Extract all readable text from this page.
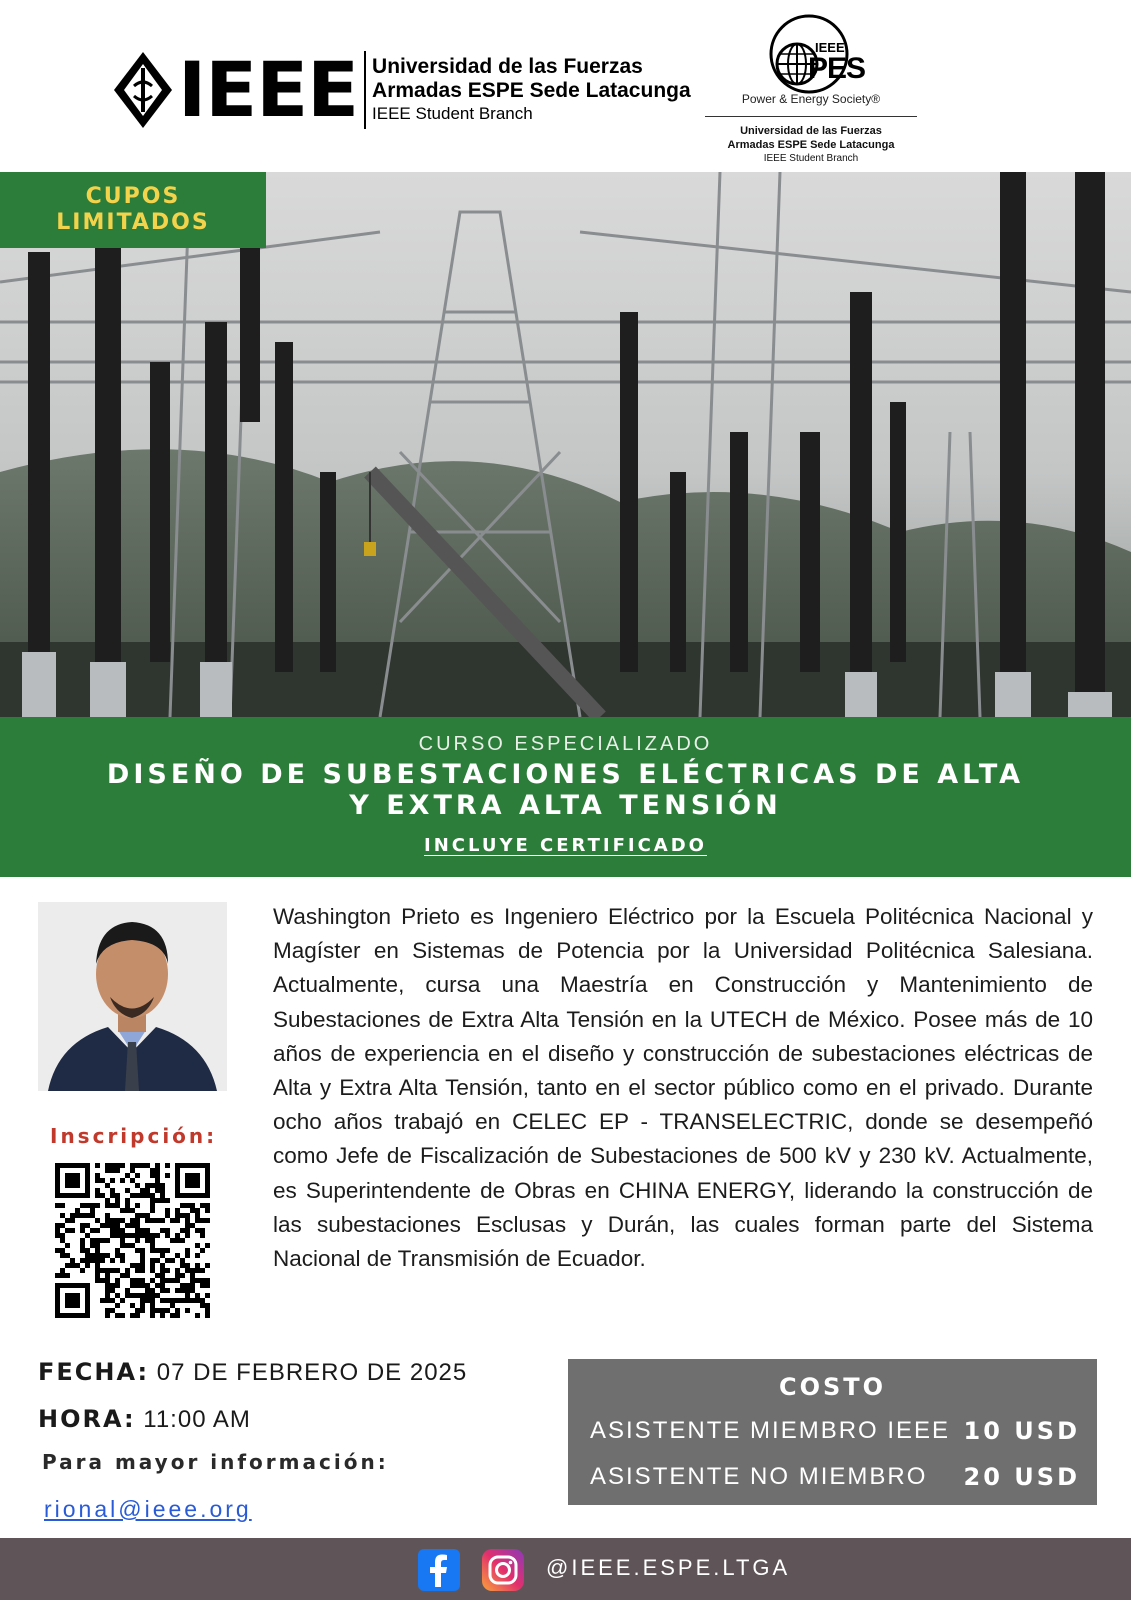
IEEE Universidad de las Fuerzas
Armadas ESPE Sede Latacunga
IEEE Student Branch
IEEE
PES
Power & Energy Society®
Universidad de las Fuerzas
Armadas ESPE Sede Latacunga
IEEE Student Branch
CUPOS
LIMITADOS
CURSO ESPECIALIZADO
DISEÑO DE SUBESTACIONES ELÉCTRICAS DE ALTA
Y EXTRA ALTA TENSIÓN
INCLUYE CERTIFICADO
Washington Prieto es Ingeniero Eléctrico por la Escuela Politécnica Nacional y Magíster en Sistemas de Potencia por la Universidad Politécnica Salesiana. Actualmente, cursa una Maestría en Construcción y Mantenimiento de Subestaciones de Extra Alta Tensión en la UTECH de México. Posee más de 10 años de experiencia en el diseño y construcción de subestaciones eléctricas de Alta y Extra Alta Tensión, tanto en el sector público como en el privado. Durante ocho años trabajó en CELEC EP - TRANSELECTRIC, donde se desempeñó como Jefe de Fiscalización de Subestaciones de 500 kV y 230 kV. Actualmente, es Superintendente de Obras en CHINA ENERGY, liderando la construcción de las subestaciones Esclusas y Durán, las cuales forman parte del Sistema Nacional de Transmisión de Ecuador.
Inscripción:
FECHA: 07 DE FEBRERO DE 2025
HORA: 11:00 AM
Para mayor información:
rional@ieee.org
COSTO
ASISTENTE MIEMBRO IEEE 10 USD
ASISTENTE NO MIEMBRO 20 USD
@IEEE.ESPE.LTGA
